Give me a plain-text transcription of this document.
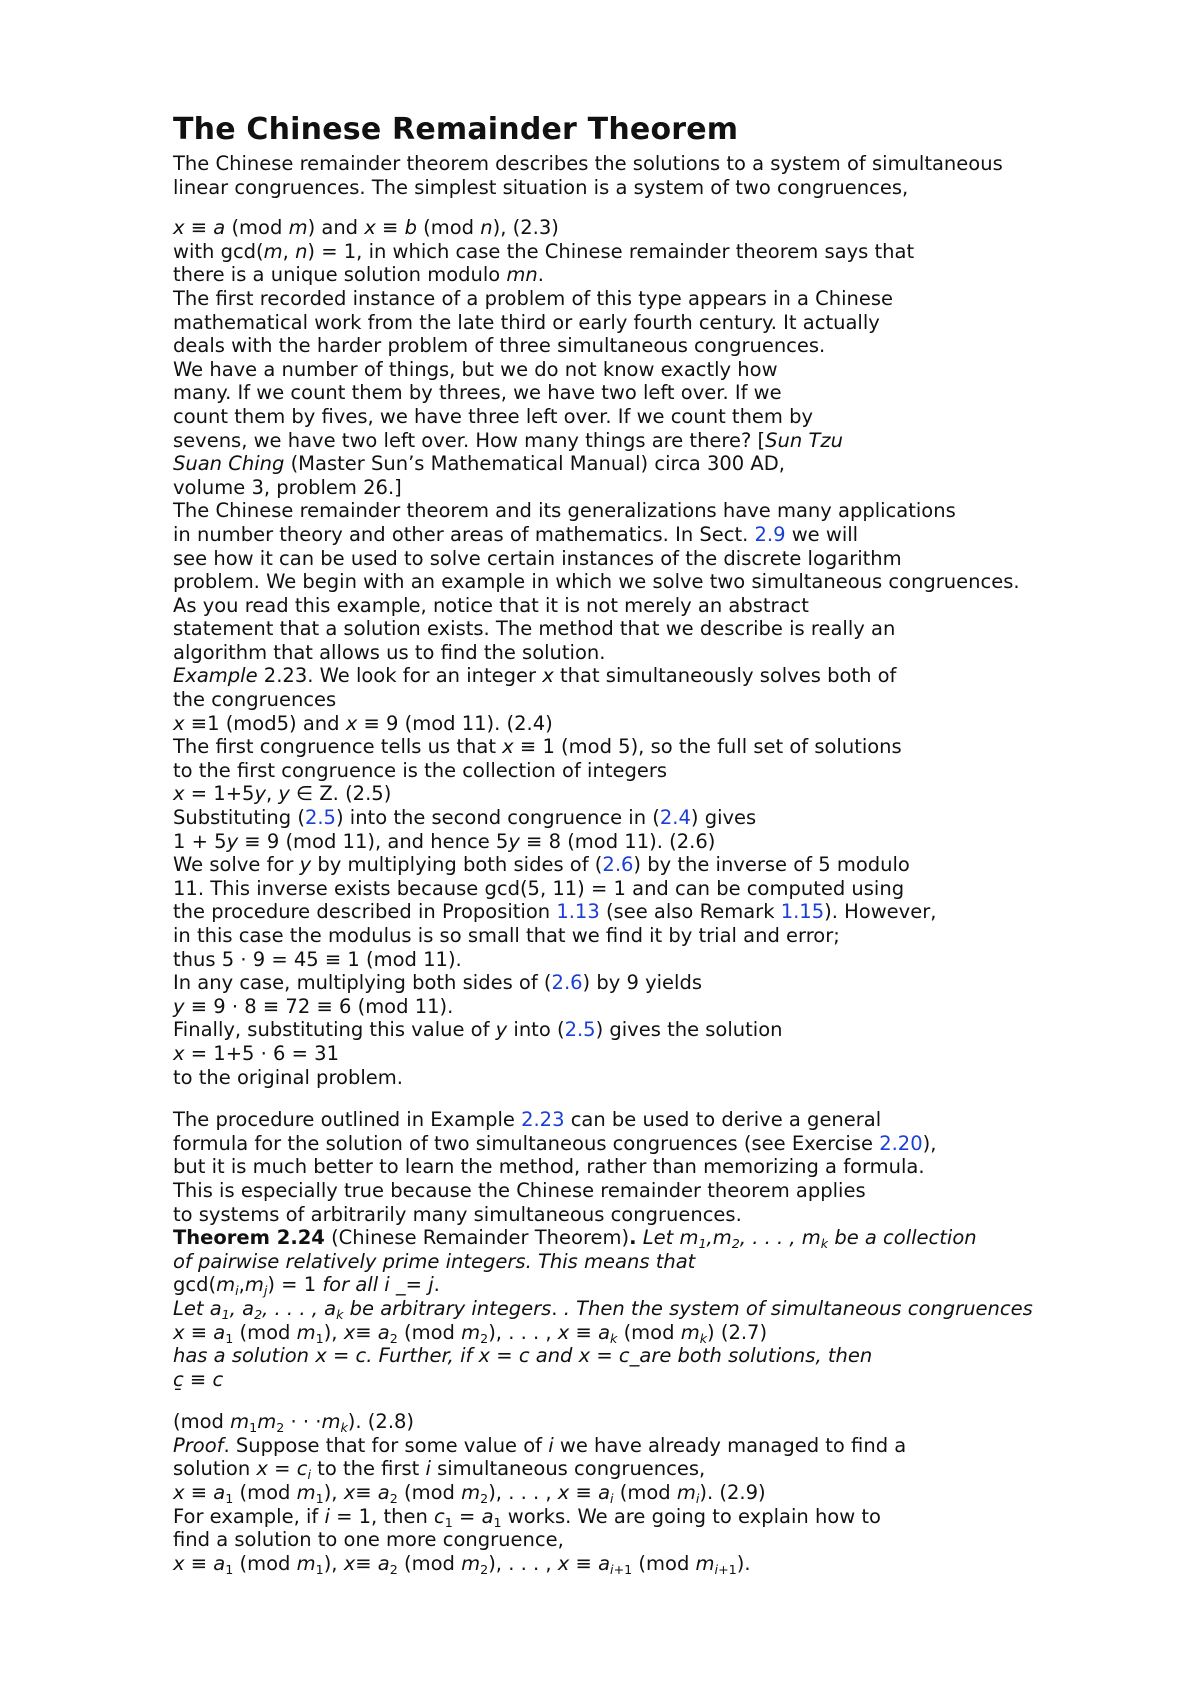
The Chinese Remainder Theorem
The Chinese remainder theorem describes the solutions to a system of simultaneous
linear congruences. The simplest situation is a system of two congruences,
x ≡ a (mod m) and x ≡ b (mod n), (2.3)
with gcd(m, n) = 1, in which case the Chinese remainder theorem says that
there is a unique solution modulo mn.
The first recorded instance of a problem of this type appears in a Chinese
mathematical work from the late third or early fourth century. It actually
deals with the harder problem of three simultaneous congruences.
We have a number of things, but we do not know exactly how
many. If we count them by threes, we have two left over. If we
count them by fives, we have three left over. If we count them by
sevens, we have two left over. How many things are there? [Sun Tzu
Suan Ching (Master Sun’s Mathematical Manual) circa 300 AD,
volume 3, problem 26.]
The Chinese remainder theorem and its generalizations have many applications
in number theory and other areas of mathematics. In Sect. 2.9 we will
see how it can be used to solve certain instances of the discrete logarithm
problem. We begin with an example in which we solve two simultaneous congruences.
As you read this example, notice that it is not merely an abstract
statement that a solution exists. The method that we describe is really an
algorithm that allows us to find the solution.
Example 2.23. We look for an integer x that simultaneously solves both of
the congruences
x ≡1 (mod5) and x ≡ 9 (mod 11). (2.4)
The first congruence tells us that x ≡ 1 (mod 5), so the full set of solutions
to the first congruence is the collection of integers
x = 1+5y, y ∈ Z. (2.5)
Substituting (2.5) into the second congruence in (2.4) gives
1 + 5y ≡ 9 (mod 11), and hence 5y ≡ 8 (mod 11). (2.6)
We solve for y by multiplying both sides of (2.6) by the inverse of 5 modulo
11. This inverse exists because gcd(5, 11) = 1 and can be computed using
the procedure described in Proposition 1.13 (see also Remark 1.15). However,
in this case the modulus is so small that we find it by trial and error;
thus 5 · 9 = 45 ≡ 1 (mod 11).
In any case, multiplying both sides of (2.6) by 9 yields
y ≡ 9 · 8 ≡ 72 ≡ 6 (mod 11).
Finally, substituting this value of y into (2.5) gives the solution
x = 1+5 · 6 = 31
to the original problem.
The procedure outlined in Example 2.23 can be used to derive a general
formula for the solution of two simultaneous congruences (see Exercise 2.20),
but it is much better to learn the method, rather than memorizing a formula.
This is especially true because the Chinese remainder theorem applies
to systems of arbitrarily many simultaneous congruences.
Theorem 2.24 (Chinese Remainder Theorem). Let $m_1,m_2$, . . . , $m_k$ be a collection
of pairwise relatively prime integers. This means that
$\gcd(m_i,m_j) = 1$ for all i _= j.
Let $a_1$, $a_2$, . . . , $a_k$ be arbitrary integers. . Then the system of simultaneous congruences
$x \equiv a_1$ (mod $m_1$), $x\equiv a_2$ (mod $m_2$), . . . , $x \equiv a_k$ (mod $m_k$) (2.7)
has a solution x = c. Further, if x = c and x = c_are both solutions, then
c ≡ c
¯
(mod $m_1m_2$ · · $\cdot m_k$). (2.8)
Proof. Suppose that for some value of i we have already managed to find a
solution $x = c_i$ to the first i simultaneous congruences,
$x \equiv a_1$ (mod $m_1$), $x\equiv a_2$ (mod $m_2$), . . . , $x \equiv a_i$ (mod $m_i$). (2.9)
For example, if i = 1, then $c_1 = a_1$ works. We are going to explain how to
find a solution to one more congruence,
$x \equiv a_1$ (mod $m_1$), $x\equiv a_2$ (mod $m_2$), . . . , $x \equiv a_{i+1}$ (mod $m_{i+1}$).
